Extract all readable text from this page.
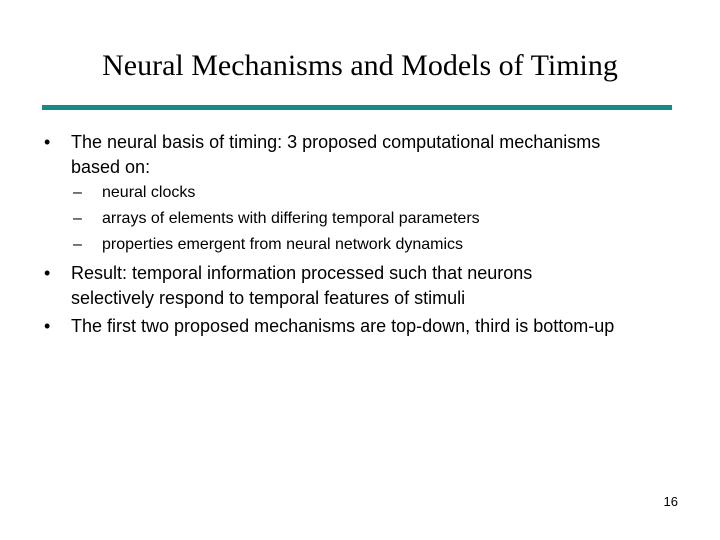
Neural Mechanisms and Models of Timing
• The neural basis of timing: 3 proposed computational mechanisms
based on:
– neural clocks
– arrays of elements with differing temporal parameters
– properties emergent from neural network dynamics
• Result: temporal information processed such that neurons
selectively respond to temporal features of stimuli
• The first two proposed mechanisms are top-down, third is bottom-up
16
